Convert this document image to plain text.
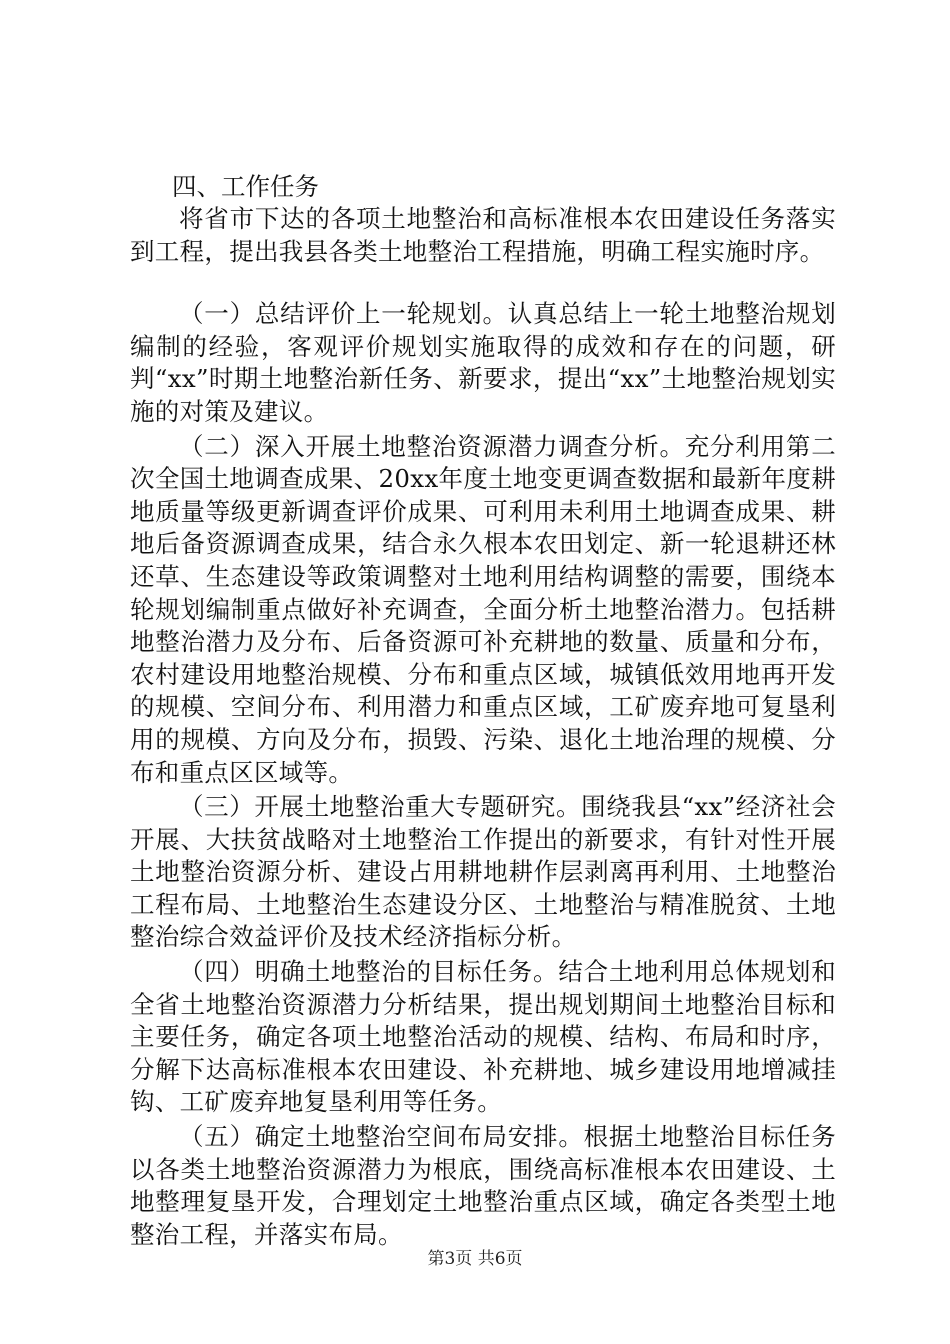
四、工作任务

将省市下达的各项土地整治和高标准根本农田建设任务落实到工程，提出我县各类土地整治工程措施，明确工程实施时序。

（一）总结评价上一轮规划。认真总结上一轮土地整治规划编制的经验，客观评价规划实施取得的成效和存在的问题，研判“xx”时期土地整治新任务、新要求，提出“xx”土地整治规划实施的对策及建议。

（二）深入开展土地整治资源潜力调查分析。充分利用第二次全国土地调查成果、20xx年度土地变更调查数据和最新年度耕地质量等级更新调查评价成果、可利用未利用土地调查成果、耕地后备资源调查成果，结合永久根本农田划定、新一轮退耕还林还草、生态建设等政策调整对土地利用结构调整的需要，围绕本轮规划编制重点做好补充调查，全面分析土地整治潜力。包括耕地整治潜力及分布、后备资源可补充耕地的数量、质量和分布，农村建设用地整治规模、分布和重点区域，城镇低效用地再开发的规模、空间分布、利用潜力和重点区域，工矿废弃地可复垦利用的规模、方向及分布，损毁、污染、退化土地治理的规模、分布和重点区区域等。

（三）开展土地整治重大专题研究。围绕我县“xx”经济社会开展、大扶贫战略对土地整治工作提出的新要求，有针对性开展土地整治资源分析、建设占用耕地耕作层剥离再利用、土地整治工程布局、土地整治生态建设分区、土地整治与精准脱贫、土地整治综合效益评价及技术经济指标分析。

（四）明确土地整治的目标任务。结合土地利用总体规划和全省土地整治资源潜力分析结果，提出规划期间土地整治目标和主要任务，确定各项土地整治活动的规模、结构、布局和时序，分解下达高标准根本农田建设、补充耕地、城乡建设用地增减挂钩、工矿废弃地复垦利用等任务。

（五）确定土地整治空间布局安排。根据土地整治目标任务以各类土地整治资源潜力为根底，围绕高标准根本农田建设、土地整理复垦开发，合理划定土地整治重点区域，确定各类型土地整治工程，并落实布局。

第3页 共6页
